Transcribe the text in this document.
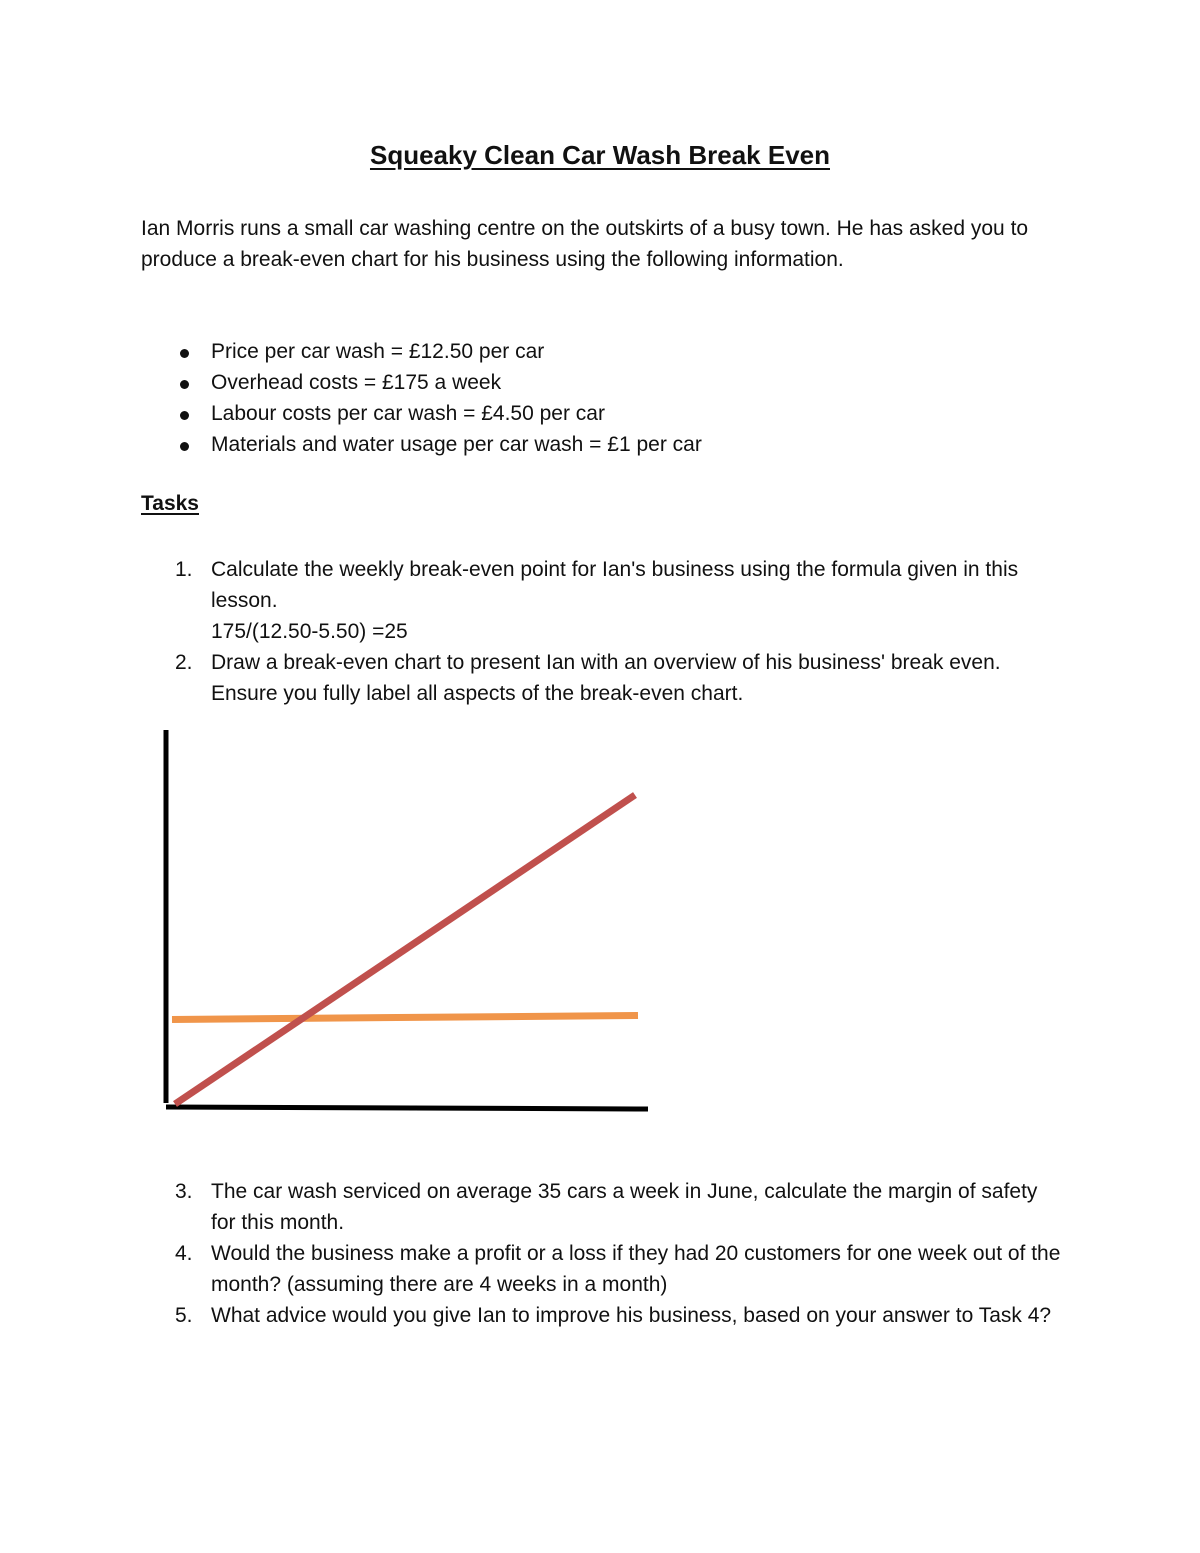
Squeaky Clean Car Wash Break Even

Ian Morris runs a small car washing centre on the outskirts of a busy town. He has asked you to produce a break-even chart for his business using the following information.

Price per car wash = £12.50 per car
Overhead costs = £175 a week
Labour costs per car wash = £4.50 per car
Materials and water usage per car wash = £1 per car
Tasks
1. Calculate the weekly break-even point for Ian's business using the formula given in this lesson.
175/(12.50-5.50) =25
2. Draw a break-even chart to present Ian with an overview of his business' break even. Ensure you fully label all aspects of the break-even chart.
3. The car wash serviced on average 35 cars a week in June, calculate the margin of safety for this month.
4. Would the business make a profit or a loss if they had 20 customers for one week out of the month? (assuming there are 4 weeks in a month)
5. What advice would you give Ian to improve his business, based on your answer to Task 4?
